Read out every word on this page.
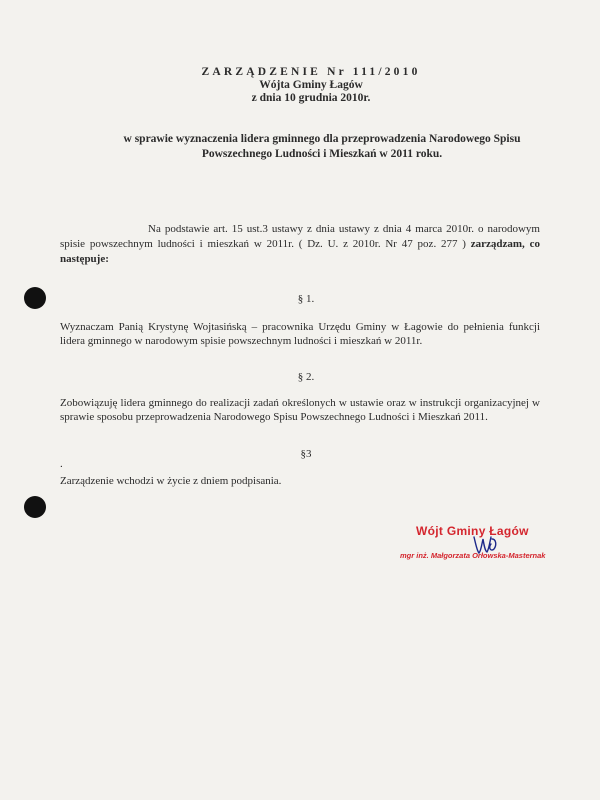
ZARZĄDZENIE Nr 111/2010
Wójta Gminy Łagów
z dnia 10 grudnia 2010r.
w sprawie wyznaczenia lidera gminnego dla przeprowadzenia Narodowego Spisu
Powszechnego Ludności i Mieszkań w 2011 roku.
Na podstawie art. 15 ust.3 ustawy z dnia ustawy z dnia 4 marca 2010r. o narodowym spisie powszechnym ludności i mieszkań w 2011r. ( Dz. U. z 2010r. Nr 47 poz. 277 ) zarządzam, co następuje:
§ 1.
Wyznaczam Panią Krystynę Wojtasińską – pracownika Urzędu Gminy w Łagowie do pełnienia funkcji lidera gminnego w narodowym spisie powszechnym ludności i mieszkań w 2011r.
§ 2.
Zobowiązuję lidera gminnego do realizacji zadań określonych w ustawie oraz w instrukcji organizacyjnej w sprawie sposobu przeprowadzenia Narodowego Spisu Powszechnego Ludności i Mieszkań 2011.
§3
.
Zarządzenie wchodzi w życie z dniem podpisania.
Wójt Gminy Łagów
mgr inż. Małgorzata Orłowska-Masternak
